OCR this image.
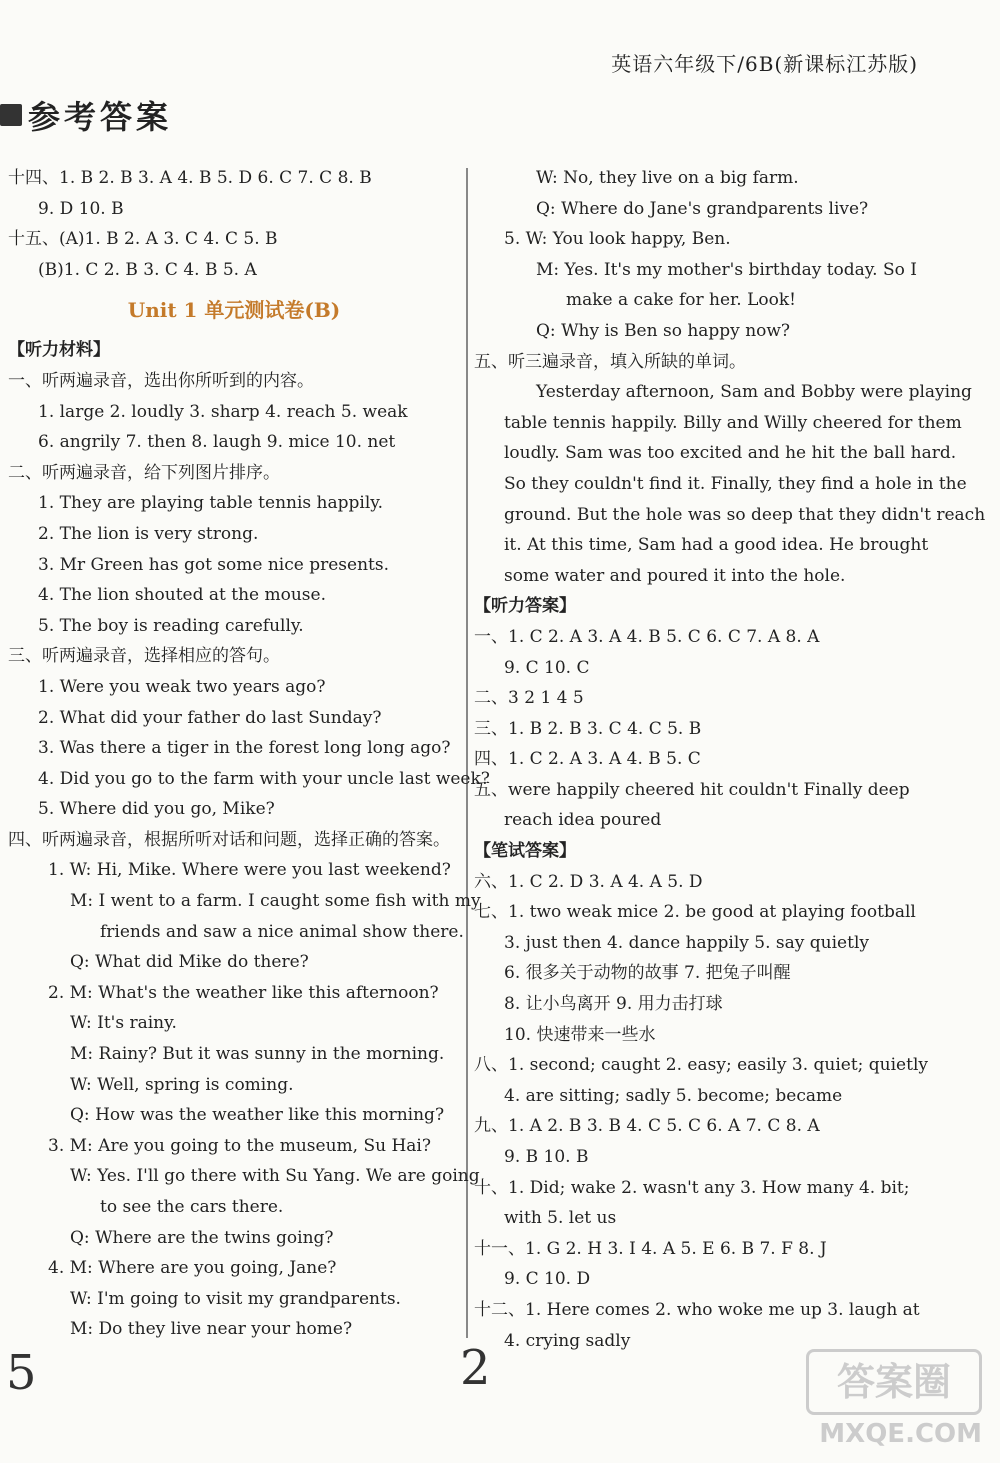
英语六年级下/6B(新课标江苏版)
参考答案
十四、1. B 2. B 3. A 4. B 5. D 6. C 7. C 8. B
9. D 10. B
十五、(A)1. B 2. A 3. C 4. C 5. B
(B)1. C 2. B 3. C 4. B 5. A
Unit 1 单元测试卷(B)
【听力材料】
一、听两遍录音，选出你所听到的内容。
1. large 2. loudly 3. sharp 4. reach 5. weak
6. angrily 7. then 8. laugh 9. mice 10. net
二、听两遍录音，给下列图片排序。
1. They are playing table tennis happily.
2. The lion is very strong.
3. Mr Green has got some nice presents.
4. The lion shouted at the mouse.
5. The boy is reading carefully.
三、听两遍录音，选择相应的答句。
1. Were you weak two years ago?
2. What did your father do last Sunday?
3. Was there a tiger in the forest long long ago?
4. Did you go to the farm with your uncle last week?
5. Where did you go, Mike?
四、听两遍录音，根据所听对话和问题，选择正确的答案。
1. W: Hi, Mike. Where were you last weekend?
M: I went to a farm. I caught some fish with my
friends and saw a nice animal show there.
Q: What did Mike do there?
2. M: What's the weather like this afternoon?
W: It's rainy.
M: Rainy? But it was sunny in the morning.
W: Well, spring is coming.
Q: How was the weather like this morning?
3. M: Are you going to the museum, Su Hai?
W: Yes. I'll go there with Su Yang. We are going
to see the cars there.
Q: Where are the twins going?
4. M: Where are you going, Jane?
W: I'm going to visit my grandparents.
M: Do they live near your home?
W: No, they live on a big farm.
Q: Where do Jane's grandparents live?
5. W: You look happy, Ben.
M: Yes. It's my mother's birthday today. So I
make a cake for her. Look!
Q: Why is Ben so happy now?
五、听三遍录音，填入所缺的单词。
Yesterday afternoon, Sam and Bobby were playing
table tennis happily. Billy and Willy cheered for them
loudly. Sam was too excited and he hit the ball hard.
So they couldn't find it. Finally, they find a hole in the
ground. But the hole was so deep that they didn't reach
it. At this time, Sam had a good idea. He brought
some water and poured it into the hole.
【听力答案】
一、1. C 2. A 3. A 4. B 5. C 6. C 7. A 8. A
9. C 10. C
二、3 2 1 4 5
三、1. B 2. B 3. C 4. C 5. B
四、1. C 2. A 3. A 4. B 5. C
五、were happily cheered hit couldn't Finally deep
reach idea poured
【笔试答案】
六、1. C 2. D 3. A 4. A 5. D
七、1. two weak mice 2. be good at playing football
3. just then 4. dance happily 5. say quietly
6. 很多关于动物的故事 7. 把兔子叫醒
8. 让小鸟离开 9. 用力击打球
10. 快速带来一些水
八、1. second; caught 2. easy; easily 3. quiet; quietly
4. are sitting; sadly 5. become; became
九、1. A 2. B 3. B 4. C 5. C 6. A 7. C 8. A
9. B 10. B
十、1. Did; wake 2. wasn't any 3. How many 4. bit;
with 5. let us
十一、1. G 2. H 3. I 4. A 5. E 6. B 7. F 8. J
9. C 10. D
十二、1. Here comes 2. who woke me up 3. laugh at
4. crying sadly
5	2	答案圈
MXQE.COM
